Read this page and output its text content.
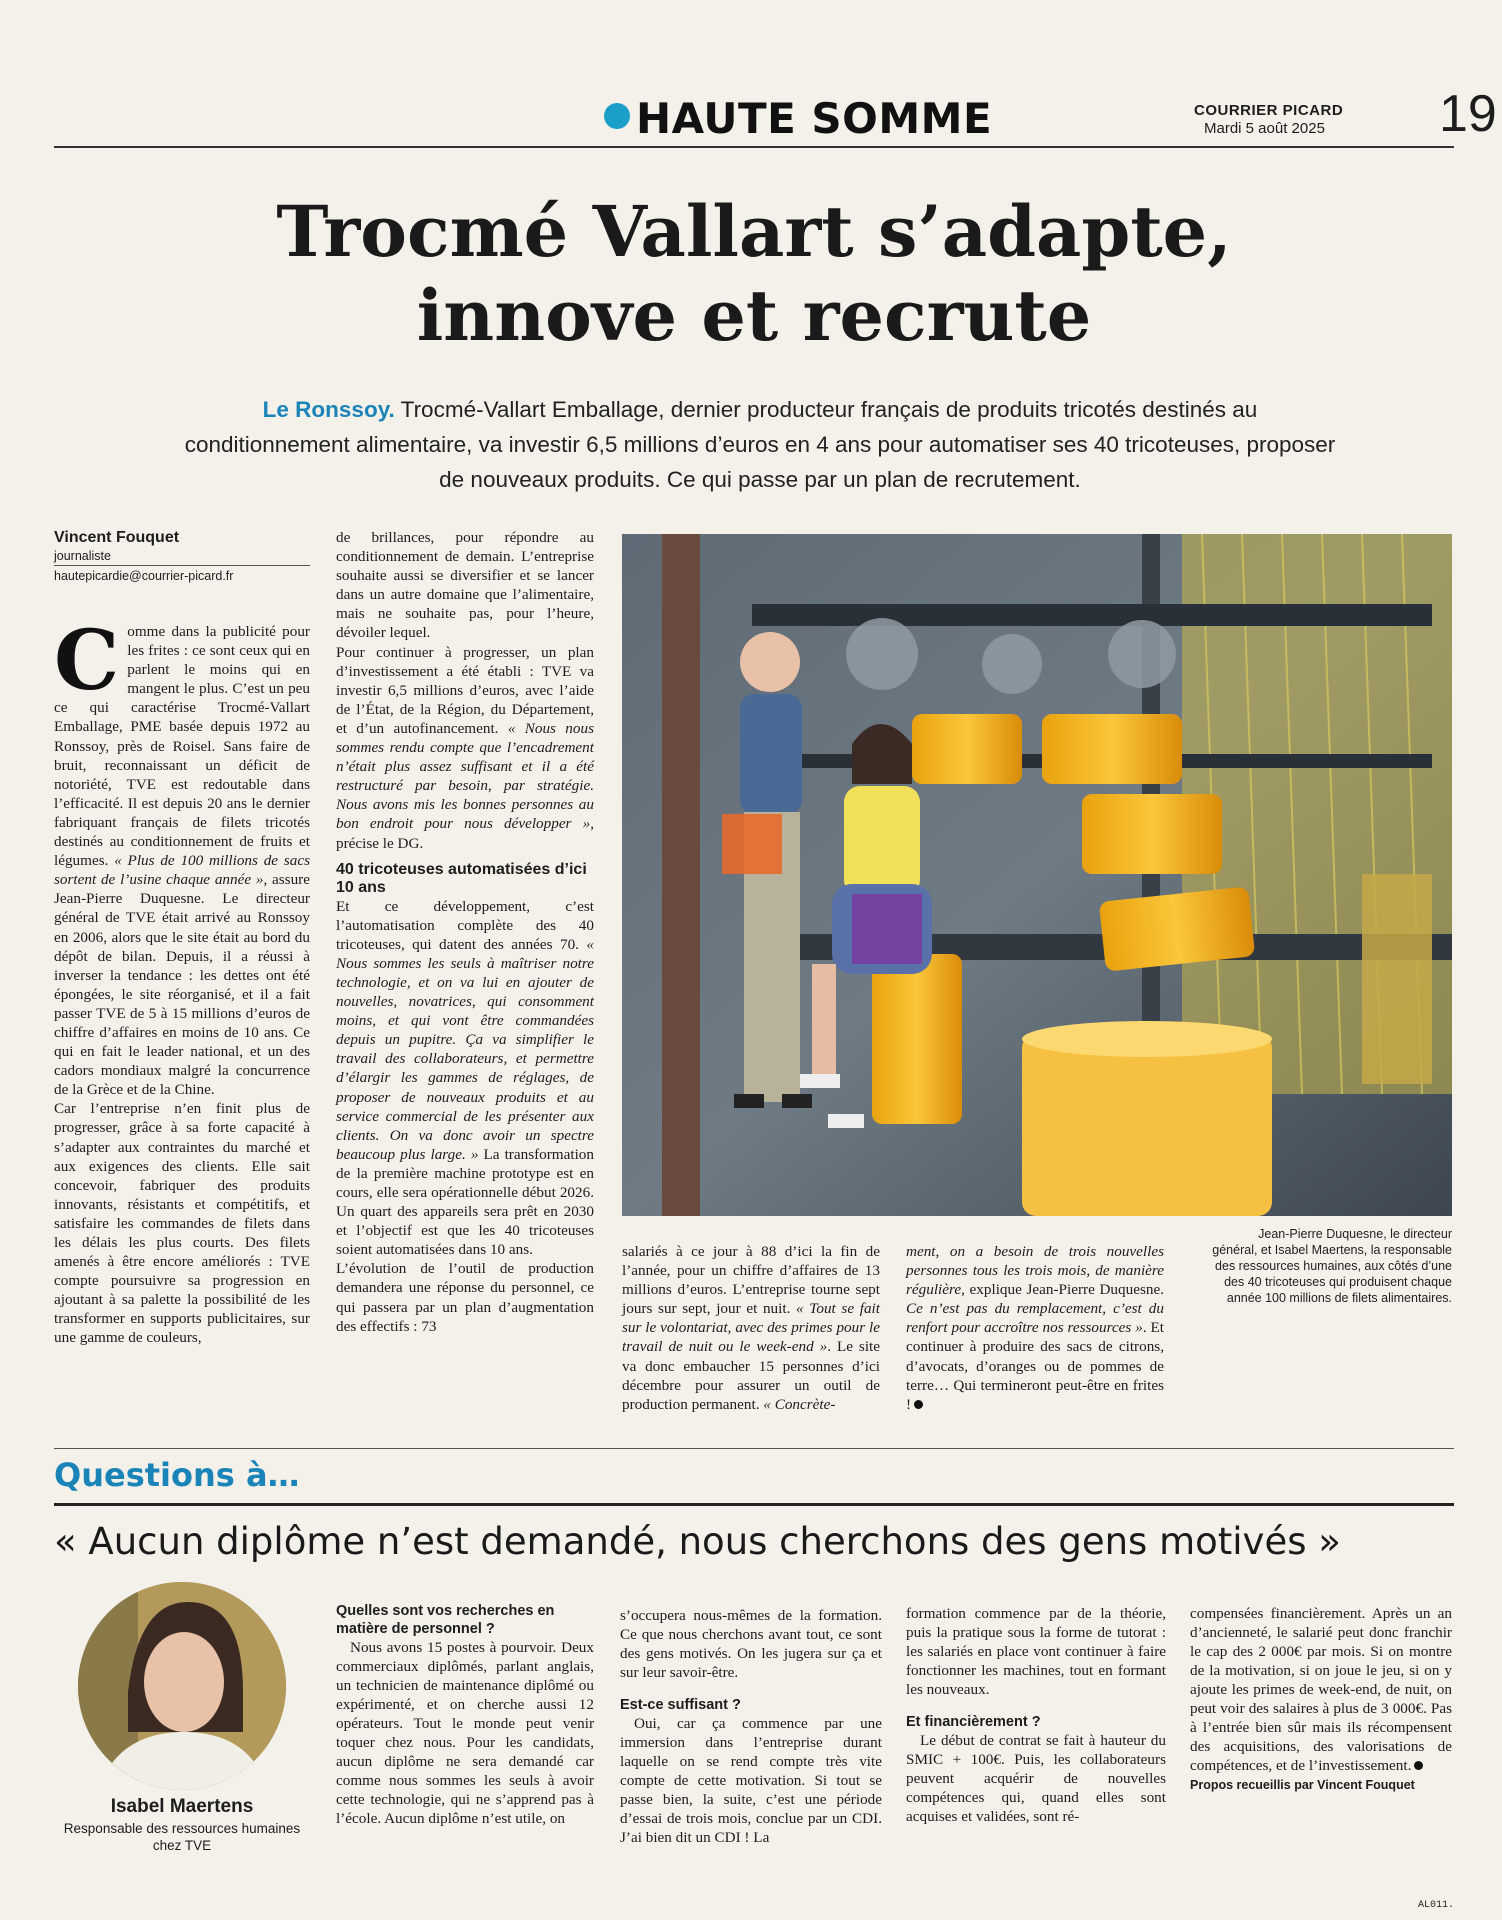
HAUTE SOMME	COURRIER PICARD
Mardi 5 août 2025 19
Trocmé Vallart s’adapte,
innove et recrute
Le Ronssoy. Trocmé-Vallart Emballage, dernier producteur français de produits tricotés destinés au conditionnement alimentaire, va investir 6,5 millions d’euros en 4 ans pour automatiser ses 40 tricoteuses, proposer de nouveaux produits. Ce qui passe par un plan de recrutement.
Vincent Fouquet
journaliste
hautepicardie@courrier-picard.fr

Comme dans la publicité pour les frites : ce sont ceux qui en parlent le moins qui en mangent le plus. C’est un peu ce qui caractérise Trocmé-Vallart Emballage, PME basée depuis 1972 au Ronssoy, près de Roisel. Sans faire de bruit, reconnaissant un déficit de notoriété, TVE est redoutable dans l’efficacité. Il est depuis 20 ans le dernier fabriquant français de filets tricotés destinés au conditionnement de fruits et légumes. « Plus de 100 millions de sacs sortent de l’usine chaque année », assure Jean-Pierre Duquesne. Le directeur général de TVE était arrivé au Ronssoy en 2006, alors que le site était au bord du dépôt de bilan. Depuis, il a réussi à inverser la tendance : les dettes ont été épongées, le site réorganisé, et il a fait passer TVE de 5 à 15 millions d’euros de chiffre d’affaires en moins de 10 ans. Ce qui en fait le leader national, et un des cadors mondiaux malgré la concurrence de la Grèce et de la Chine.

Car l’entreprise n’en finit plus de progresser, grâce à sa forte capacité à s’adapter aux contraintes du marché et aux exigences des clients. Elle sait concevoir, fabriquer des produits innovants, résistants et compétitifs, et satisfaire les commandes de filets dans les délais les plus courts. Des filets amenés à être encore améliorés : TVE compte poursuivre sa progression en ajoutant à sa palette la possibilité de les transformer en supports publicitaires, sur une gamme de couleurs,

de brillances, pour répondre au conditionnement de demain. L’entreprise souhaite aussi se diversifier et se lancer dans un autre domaine que l’alimentaire, mais ne souhaite pas, pour l’heure, dévoiler lequel.

Pour continuer à progresser, un plan d’investissement a été établi : TVE va investir 6,5 millions d’euros, avec l’aide de l’État, de la Région, du Département, et d’un autofinancement. « Nous nous sommes rendu compte que l’encadrement n’était plus assez suffisant et il a été restructuré par besoin, par stratégie. Nous avons mis les bonnes personnes au bon endroit pour nous développer », précise le DG.

40 tricoteuses automatisées d’ici 10 ans

Et ce développement, c’est l’automatisation complète des 40 tricoteuses, qui datent des années 70. « Nous sommes les seuls à maîtriser notre technologie, et on va lui en ajouter de nouvelles, novatrices, qui consomment moins, et qui vont être commandées depuis un pupitre. Ça va simplifier le travail des collaborateurs, et permettre d’élargir les gammes de réglages, de proposer de nouveaux produits et au service commercial de les présenter aux clients. On va donc avoir un spectre beaucoup plus large. » La transformation de la première machine prototype est en cours, elle sera opérationnelle début 2026. Un quart des appareils sera prêt en 2030 et l’objectif est que les 40 tricoteuses soient automatisées dans 10 ans.

L’évolution de l’outil de production demandera une réponse du personnel, ce qui passera par un plan d’augmentation des effectifs : 73

Jean-Pierre Duquesne, le directeur général, et Isabel Maertens, la responsable des ressources humaines, aux côtés d’une des 40 tricoteuses qui produisent chaque année 100 millions de filets alimentaires.

salariés à ce jour à 88 d’ici la fin de l’année, pour un chiffre d’affaires de 13 millions d’euros. L’entreprise tourne sept jours sur sept, jour et nuit. « Tout se fait sur le volontariat, avec des primes pour le travail de nuit ou le week-end ». Le site va donc embaucher 15 personnes d’ici décembre pour assurer un outil de production permanent. « Concrète-

ment, on a besoin de trois nouvelles personnes tous les trois mois, de manière régulière, explique Jean-Pierre Duquesne. Ce n’est pas du remplacement, c’est du renfort pour accroître nos ressources ». Et continuer à produire des sacs de citrons, d’avocats, d’oranges ou de pommes de terre… Qui termineront peut-être en frites !

Questions à…
« Aucun diplôme n’est demandé, nous cherchons des gens motivés »
Isabel Maertens
Responsable des ressources humaines chez TVE
Quelles sont vos recherches en matière de personnel ?

Nous avons 15 postes à pourvoir. Deux commerciaux diplômés, parlant anglais, un technicien de maintenance diplômé ou expérimenté, et on cherche aussi 12 opérateurs. Tout le monde peut venir toquer chez nous. Pour les candidats, aucun diplôme ne sera demandé car comme nous sommes les seuls à avoir cette technologie, qui ne s’apprend pas à l’école. Aucun diplôme n’est utile, on

s’occupera nous-mêmes de la formation. Ce que nous cherchons avant tout, ce sont des gens motivés. On les jugera sur ça et sur leur savoir-être.

Est-ce suffisant ?

Oui, car ça commence par une immersion dans l’entreprise durant laquelle on se rend compte très vite compte de cette motivation. Si tout se passe bien, la suite, c’est une période d’essai de trois mois, conclue par un CDI. J’ai bien dit un CDI ! La

formation commence par de la théorie, puis la pratique sous la forme de tutorat : les salariés en place vont continuer à faire fonctionner les machines, tout en formant les nouveaux.

Et financièrement ?

Le début de contrat se fait à hauteur du SMIC + 100€. Puis, les collaborateurs peuvent acquérir de nouvelles compétences qui, quand elles sont acquises et validées, sont ré-

compensées financièrement. Après un an d’ancienneté, le salarié peut donc franchir le cap des 2 000€ par mois. Si on montre de la motivation, si on joue le jeu, si on y ajoute les primes de week-end, de nuit, on peut voir des salaires à plus de 3 000€. Pas à l’entrée bien sûr mais ils récompensent des acquisitions, des valorisations de compétences, et de l’investissement.

Propos recueillis par Vincent Fouquet
AL011.
